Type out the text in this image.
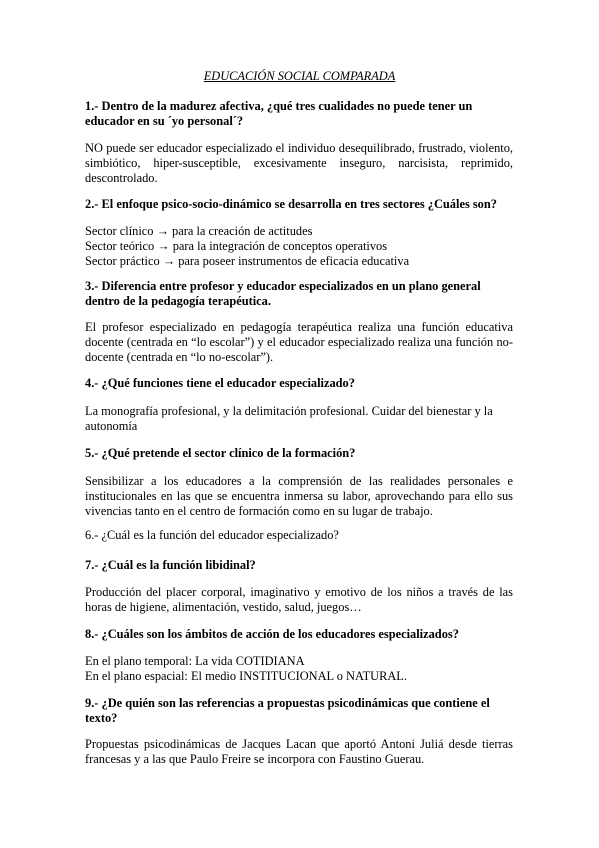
EDUCACIÓN SOCIAL COMPARADA
1.- Dentro de la madurez afectiva, ¿qué tres cualidades no puede tener un educador en su ´yo personal´?
NO puede ser educador especializado el individuo desequilibrado, frustrado, violento, simbiótico, hiper-susceptible, excesivamente inseguro, narcisista, reprimido, descontrolado.
2.- El enfoque psico-socio-dinámico se desarrolla en tres sectores ¿Cuáles son?
Sector clínico → para la creación de actitudes
Sector teórico → para la integración de conceptos operativos
Sector práctico → para poseer instrumentos de eficacia educativa
3.- Diferencia entre profesor y educador especializados en un plano general dentro de la pedagogía terapéutica.
El profesor especializado en pedagogía terapéutica realiza una función educativa docente (centrada en “lo escolar”) y el educador especializado realiza una función no-docente (centrada en “lo no-escolar”).
4.- ¿Qué funciones tiene el educador especializado?
La monografía profesional, y la delimitación profesional. Cuidar del bienestar y la autonomía
5.- ¿Qué pretende el sector clínico de la formación?
Sensibilizar a los educadores a la comprensión de las realidades personales e institucionales en las que se encuentra inmersa su labor, aprovechando para ello sus vivencias tanto en el centro de formación como en su lugar de trabajo.
6.- ¿Cuál es la función del educador especializado?
7.- ¿Cuál es la función libidinal?
Producción del placer corporal, imaginativo y emotivo de los niños a través de las horas de higiene, alimentación, vestido, salud, juegos…
8.- ¿Cuáles son los ámbitos de acción de los educadores especializados?
En el plano temporal: La vida COTIDIANA
En el plano espacial: El medio INSTITUCIONAL o NATURAL.
9.- ¿De quién son las referencias a propuestas psicodinámicas que contiene el texto?
Propuestas psicodinámicas de Jacques Lacan que aportó Antoni Juliá desde tierras francesas y a las que Paulo Freire se incorpora con Faustino Guerau.
